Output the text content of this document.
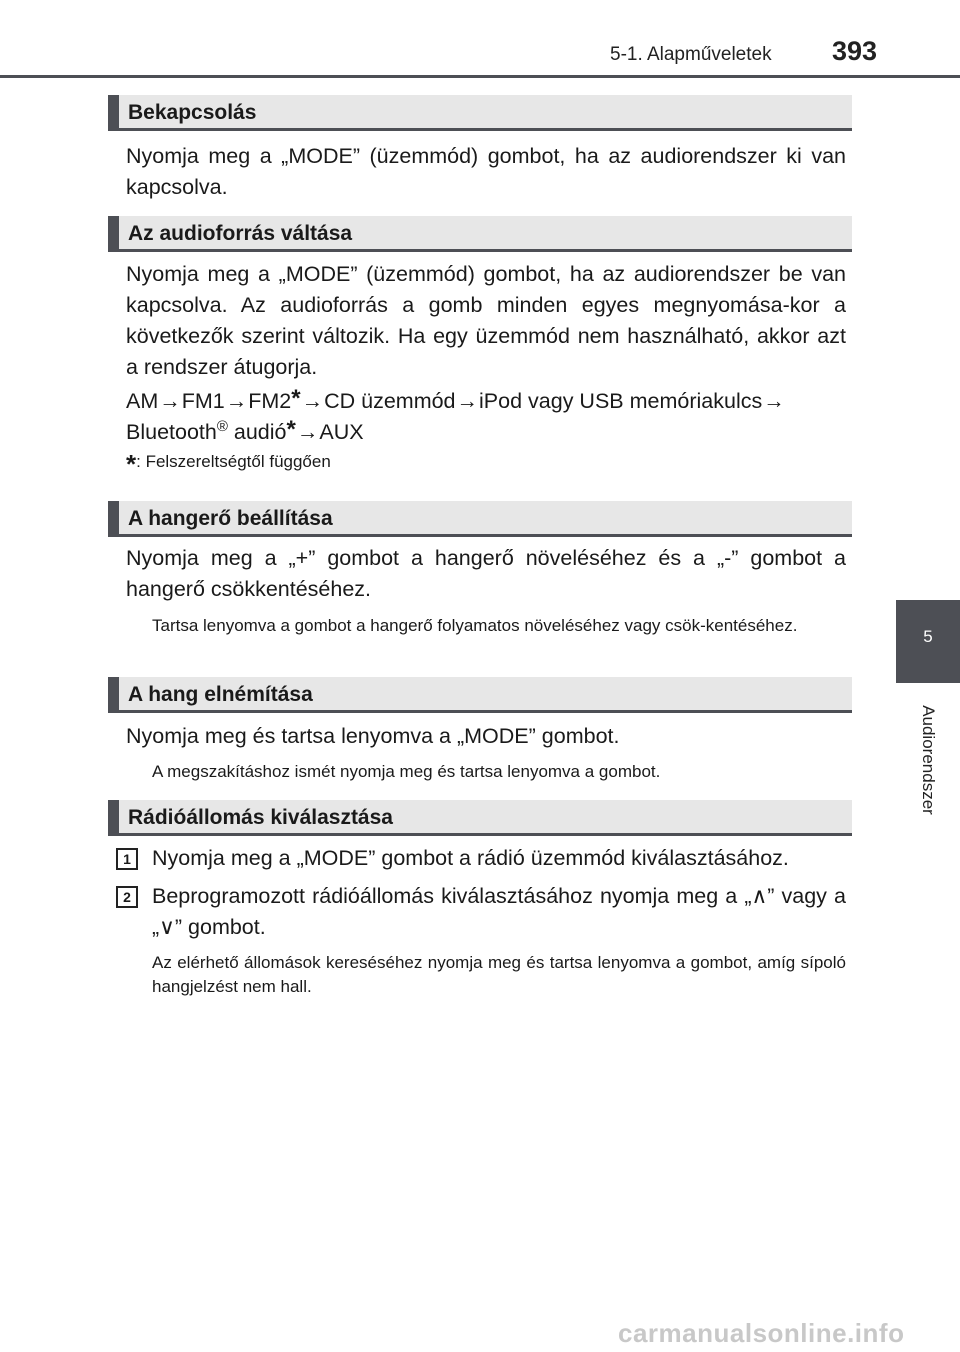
5-1. Alapműveletek 393
5
Audiorendszer
Bekapcsolás

Nyomja meg a „MODE” (üzemmód) gombot, ha az audiorendszer ki van kapcsolva.

Az audioforrás váltása

Nyomja meg a „MODE” (üzemmód) gombot, ha az audiorendszer be van kapcsolva. Az audioforrás a gomb minden egyes megnyomása-kor a következők szerint változik. Ha egy üzemmód nem használható, akkor azt a rendszer átugorja.

AM→FM1→FM2*→CD üzemmód→iPod vagy USB memóriakulcs→
Bluetooth® audió*→AUX

*: Felszereltségtől függően

A hangerő beállítása

Nyomja meg a „+” gombot a hangerő növeléséhez és a „-” gombot a hangerő csökkentéséhez.

Tartsa lenyomva a gombot a hangerő folyamatos növeléséhez vagy csök-kentéséhez.

A hang elnémítása

Nyomja meg és tartsa lenyomva a „MODE” gombot.

A megszakításhoz ismét nyomja meg és tartsa lenyomva a gombot.

Rádióállomás kiválasztása
1 Nyomja meg a „MODE” gombot a rádió üzemmód kiválasztásához.

2 Beprogramozott rádióállomás kiválasztásához nyomja meg a „∧” vagy a „∨” gombot.

Az elérhető állomások kereséséhez nyomja meg és tartsa lenyomva a gombot, amíg sípoló hangjelzést nem hall.

carmanualsonline.info
